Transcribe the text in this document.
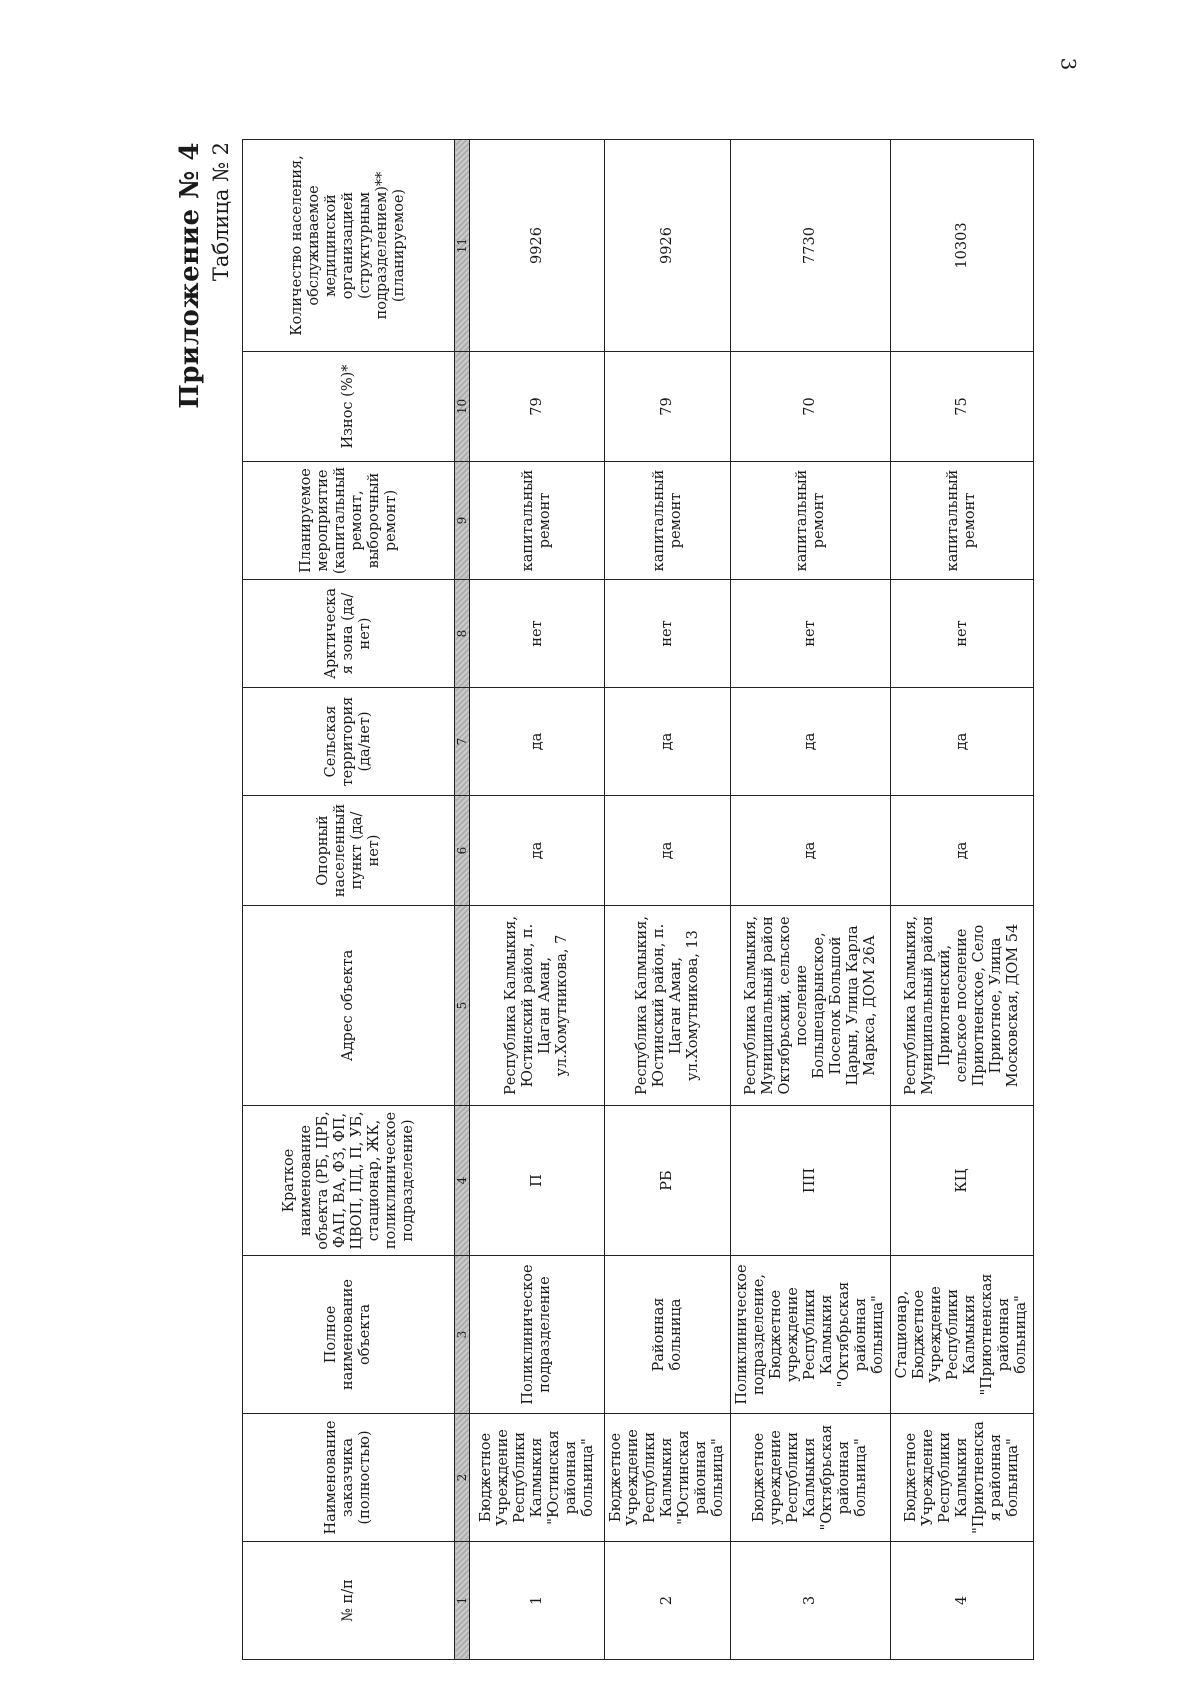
3
Приложение № 4 Таблица № 2
№ п/п	Наименование заказчика (полностью)	Полное наименование объекта	Краткое наименование объекта (РБ, ЦРБ, ФАП, ВА, ФЗ, ФП, ЦВОП, ПД, П, УБ, стационар, ЖК, поликлиническое подразделение)	Адрес объекта	Опорный населенный пункт (да/нет)	Сельская территория (да/нет)	Арктическая зона (да/нет)	Планируемое мероприятие (капитальный ремонт, выборочный ремонт)	Износ (%)*	Количество населения, обслуживаемое медицинской организацией (структурным подразделением)** (планируемое)
1	2	3	4	5	6	7	8	9	10	11
1	Бюджетное Учреждение Республики Калмыкия "Юстинская районная больница"	Поликлиническое подразделение	П	Республика Калмыкия, Юстинский район, п. Цаган Аман, ул.Хомутникова, 7	да	да	нет	капитальный ремонт	79	9926
2	Бюджетное Учреждение Республики Калмыкия "Юстинская районная больница"	Районная больница	РБ	Республика Калмыкия, Юстинский район, п. Цаган Аман, ул.Хомутникова, 13	да	да	нет	капитальный ремонт	79	9926
3	Бюджетное учреждение Республики Калмыкия "Октябрьская районная больница"	Поликлиническое подразделение, Бюджетное учреждение Республики Калмыкия "Октябрьская районная больница"	ПП	Республика Калмыкия, Муниципальный район Октябрьский, сельское поселение Большецарынское, Поселок Большой Царын, Улица Карла Маркса, ДОМ 26А	да	да	нет	капитальный ремонт	70	7730
4	Бюджетное Учреждение Республики Калмыкия "Приютненская районная больница"	Стационар, Бюджетное Учреждение Республики Калмыкия "Приютненская районная больница"	КЦ	Республика Калмыкия, Муниципальный район Приютненский, сельское поселение Приютненское, Село Приютное, Улица Московская, ДОМ 54	да	да	нет	капитальный ремонт	75	10303
